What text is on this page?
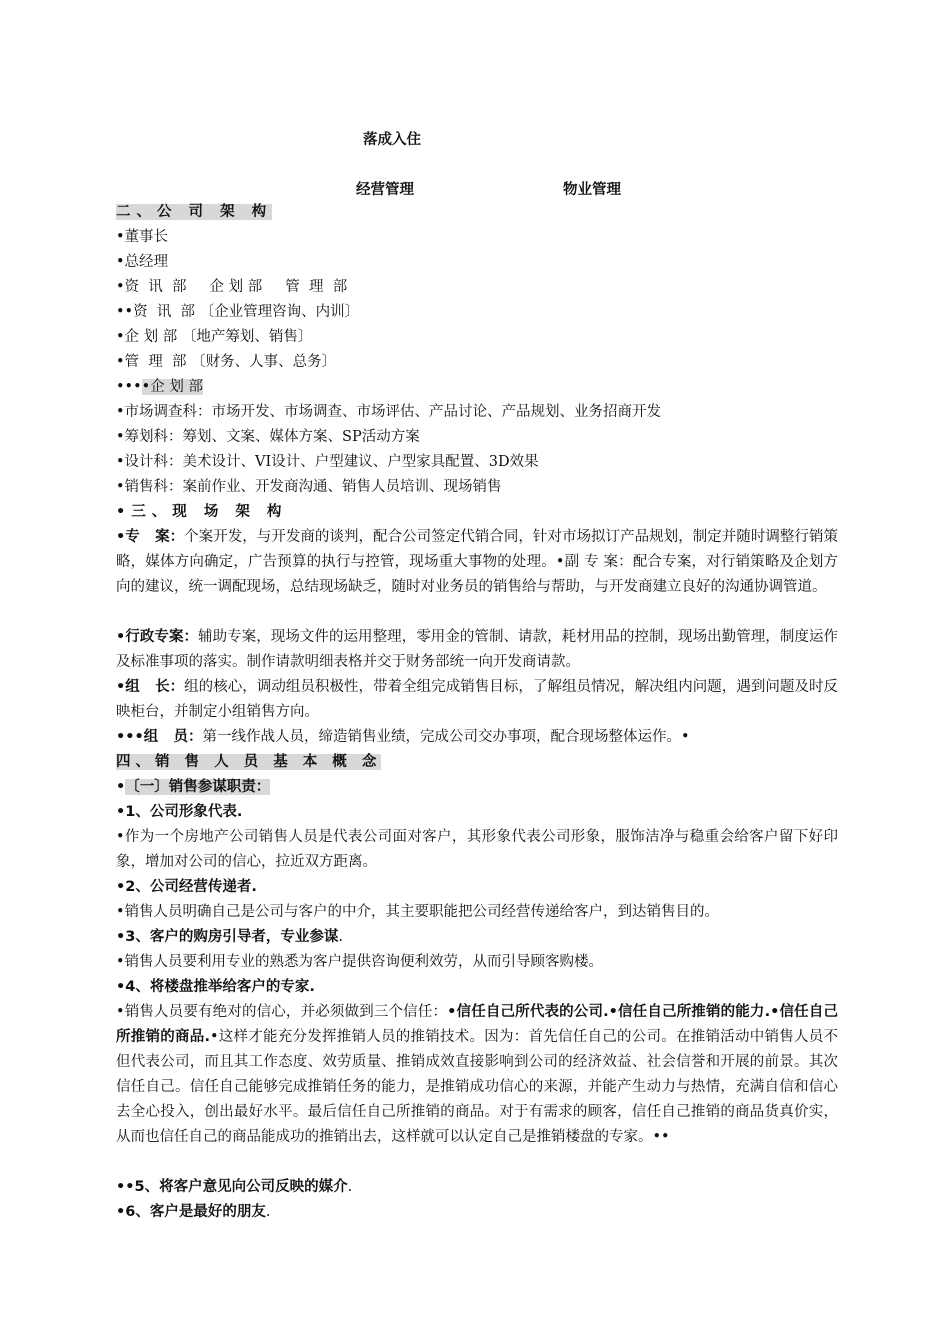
落成入住
经营管理	物业管理
二、公 司 架 构
•董事长
•总经理
•资  讯  部     企 划 部     管  理  部
••资  讯  部 〔企业管理咨询、内训〕
•企 划 部 〔地产筹划、销售〕
•管  理  部 〔财务、人事、总务〕
••••企 划 部
•市场调查科：市场开发、市场调查、市场评估、产品讨论、产品规划、业务招商开发
•筹划科：筹划、文案、媒体方案、SP活动方案
•设计科：美术设计、VI设计、户型建议、户型家具配置、3D效果
•销售科：案前作业、开发商沟通、销售人员培训、现场销售
•三、现 场 架 构
•专   案：个案开发，与开发商的谈判，配合公司签定代销合同，针对市场拟订产品规划，制定并随时调整行销策略，媒体方向确定，广告预算的执行与控管，现场重大事物的处理。•副 专 案：配合专案，对行销策略及企划方向的建议，统一调配现场，总结现场缺乏，随时对业务员的销售给与帮助，与开发商建立良好的沟通协调管道。
•行政专案：辅助专案，现场文件的运用整理，零用金的管制、请款，耗材用品的控制，现场出勤管理，制度运作及标准事项的落实。制作请款明细表格并交于财务部统一向开发商请款。
•组   长：组的核心，调动组员积极性，带着全组完成销售目标，了解组员情况，解决组内问题，遇到问题及时反映柜台，并制定小组销售方向。
•••组   员：第一线作战人员，缔造销售业绩，完成公司交办事项，配合现场整体运作。•
四、销 售 人 员 基 本 概 念
•〔一〕销售参谋职责：
•1、公司形象代表.
•作为一个房地产公司销售人员是代表公司面对客户，其形象代表公司形象，服饰洁净与稳重会给客户留下好印象，增加对公司的信心，拉近双方距离。
•2、公司经营传递者.
•销售人员明确自己是公司与客户的中介，其主要职能把公司经营传递给客户，到达销售目的。
•3、客户的购房引导者，专业参谋.
•销售人员要利用专业的熟悉为客户提供咨询便利效劳，从而引导顾客购楼。
•4、将楼盘推举给客户的专家.
•销售人员要有绝对的信心，并必须做到三个信任：•信任自己所代表的公司.•信任自己所推销的能力.•信任自己所推销的商品.•这样才能充分发挥推销人员的推销技术。因为：首先信任自己的公司。在推销活动中销售人员不但代表公司，而且其工作态度、效劳质量、推销成效直接影响到公司的经济效益、社会信誉和开展的前景。其次信任自己。信任自己能够完成推销任务的能力，是推销成功信心的来源，并能产生动力与热情，充满自信和信心去全心投入，创出最好水平。最后信任自己所推销的商品。对于有需求的顾客，信任自己推销的商品货真价实，从而也信任自己的商品能成功的推销出去，这样就可以认定自己是推销楼盘的专家。••
••5、将客户意见向公司反映的媒介.
•6、客户是最好的朋友.
